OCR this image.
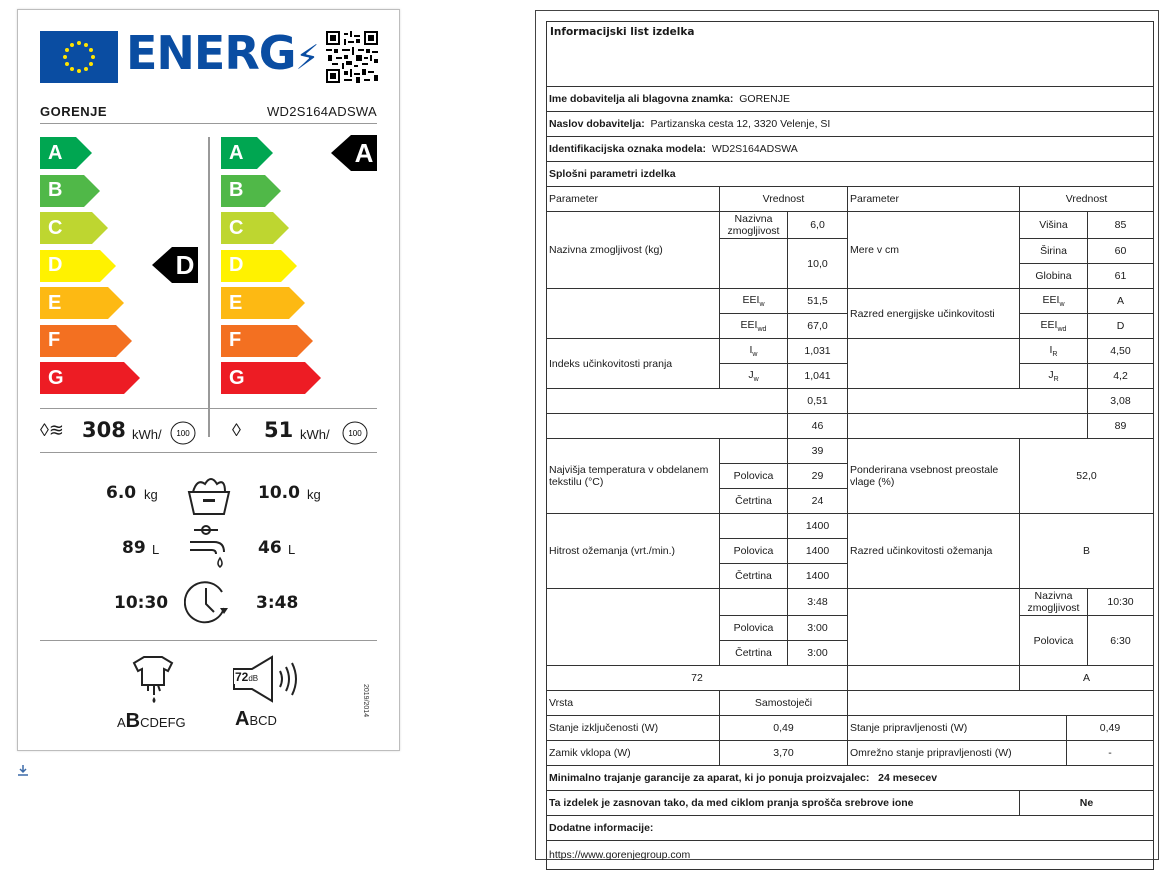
ENERG⚡
GORENJE	WD2S164ADSWA
A
B
C
D
E
F
G
A
B
C
D
E
F
G
D
A
◊≋ 308 kWh/ 100 ◊ 51 kWh/ 100
6.0 kg	10.0 kg
89 L	46 L
10:30	3:48
ABCDEFG
72dB
ABCD
2019/2014
Informacijski list izdelka						
Ime dobavitelja ali blagovna znamka: GORENJE						
Naslov dobavitelja: Partizanska cesta 12, 3320 Velenje, SI						
Identifikacijska oznaka modela: WD2S164ADSWA						
Splošni parametri izdelka						
Parameter	Vrednost		Parameter	Vrednost		
Nazivna zmogljivost (kg)	Nazivna zmogljivost	6,0	Mere v cm	Višina		85
		10,0		Širina		60
				Globina		61
	$EEI_w$	51,5	Razred energijske učinkovitosti	$EEI_w$		A
	$EEI_{wd}$	67,0		$EEI_{wd}$		D
Indeks učinkovitosti pranja	$I_w$	1,031		$I_R$		4,50
	$J_w$	1,041		$J_R$		4,2
		0,51				3,08
		46				89
Najvišja temperatura v obdelanem tekstilu (°C)		39	Ponderirana vsebnost preostale vlage (%)	52,0		
	Polovica	29				
	Četrtina	24				
Hitrost ožemanja (vrt./min.)		1400	Razred učinkovitosti ožemanja	B		
	Polovica	1400				
	Četrtina	1400				
		3:48		Nazivna zmogljivost		10:30
	Polovica	3:00		Polovica		6:30
	Četrtina	3:00				
72				A		
Vrsta	Samostoječi					
Stanje izključenosti (W)	0,49		Stanje pripravljenosti (W)		0,49	
Zamik vklopa (W)	3,70		Omrežno stanje pripravljenosti (W)		-	
Minimalno trajanje garancije za aparat, ki jo ponuja proizvajalec: 24 mesecev						
Ta izdelek je zasnovan tako, da med ciklom pranja sprošča srebrove ione				Ne		
Dodatne informacije:						
https://www.gorenjegroup.com						
